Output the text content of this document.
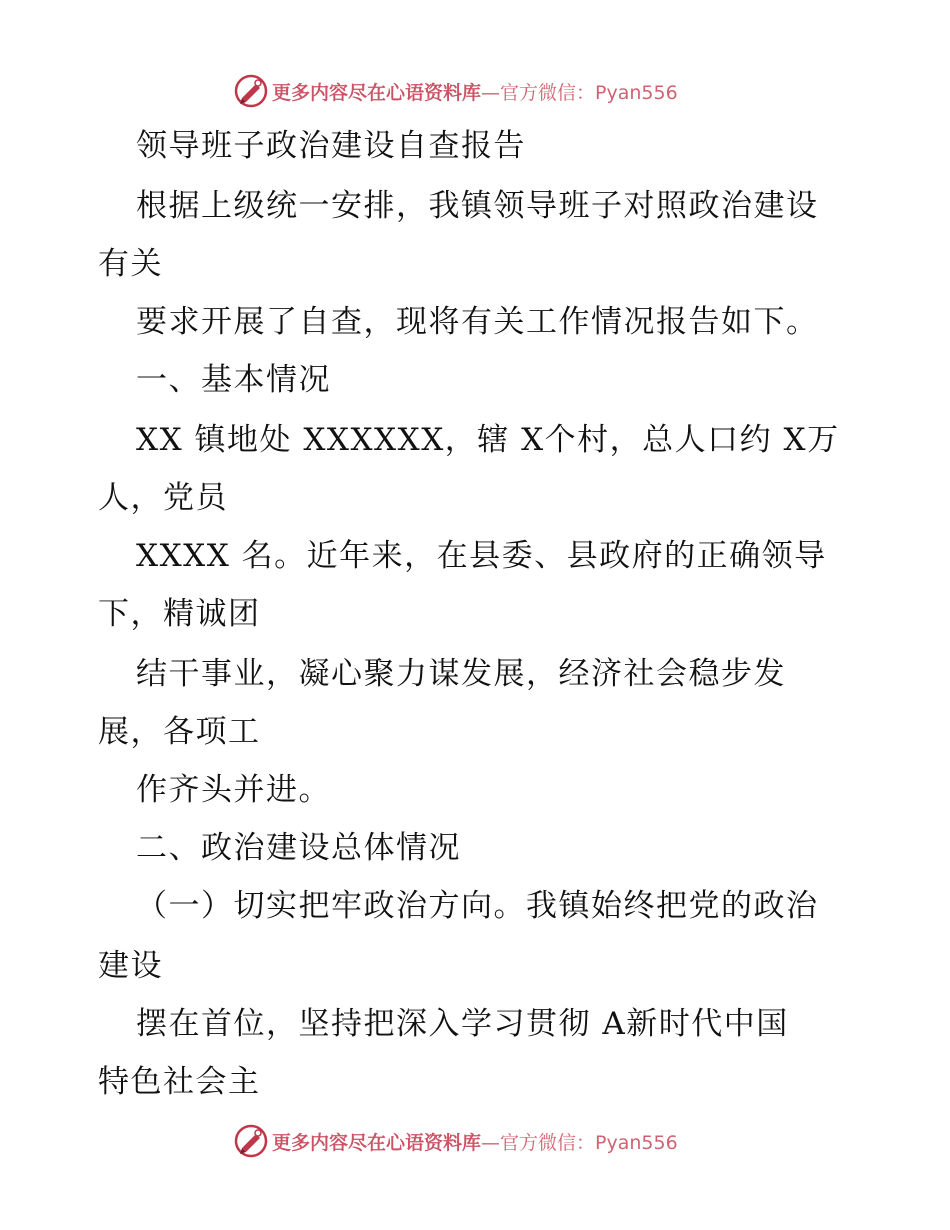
更多内容尽在心语资料库—官方微信：Pyan556
领导班子政治建设自查报告
根据上级统一安排，我镇领导班子对照政治建设
有关
要求开展了自查，现将有关工作情况报告如下。
一、基本情况
XX 镇地处 XXXXXX，辖 X个村，总人口约 X万
人，党员
XXXX 名。近年来，在县委、县政府的正确领导
下，精诚团
结干事业，凝心聚力谋发展，经济社会稳步发
展，各项工
作齐头并进。
二、政治建设总体情况
（一）切实把牢政治方向。我镇始终把党的政治
建设
摆在首位，坚持把深入学习贯彻 A新时代中国
特色社会主
更多内容尽在心语资料库—官方微信：Pyan556
